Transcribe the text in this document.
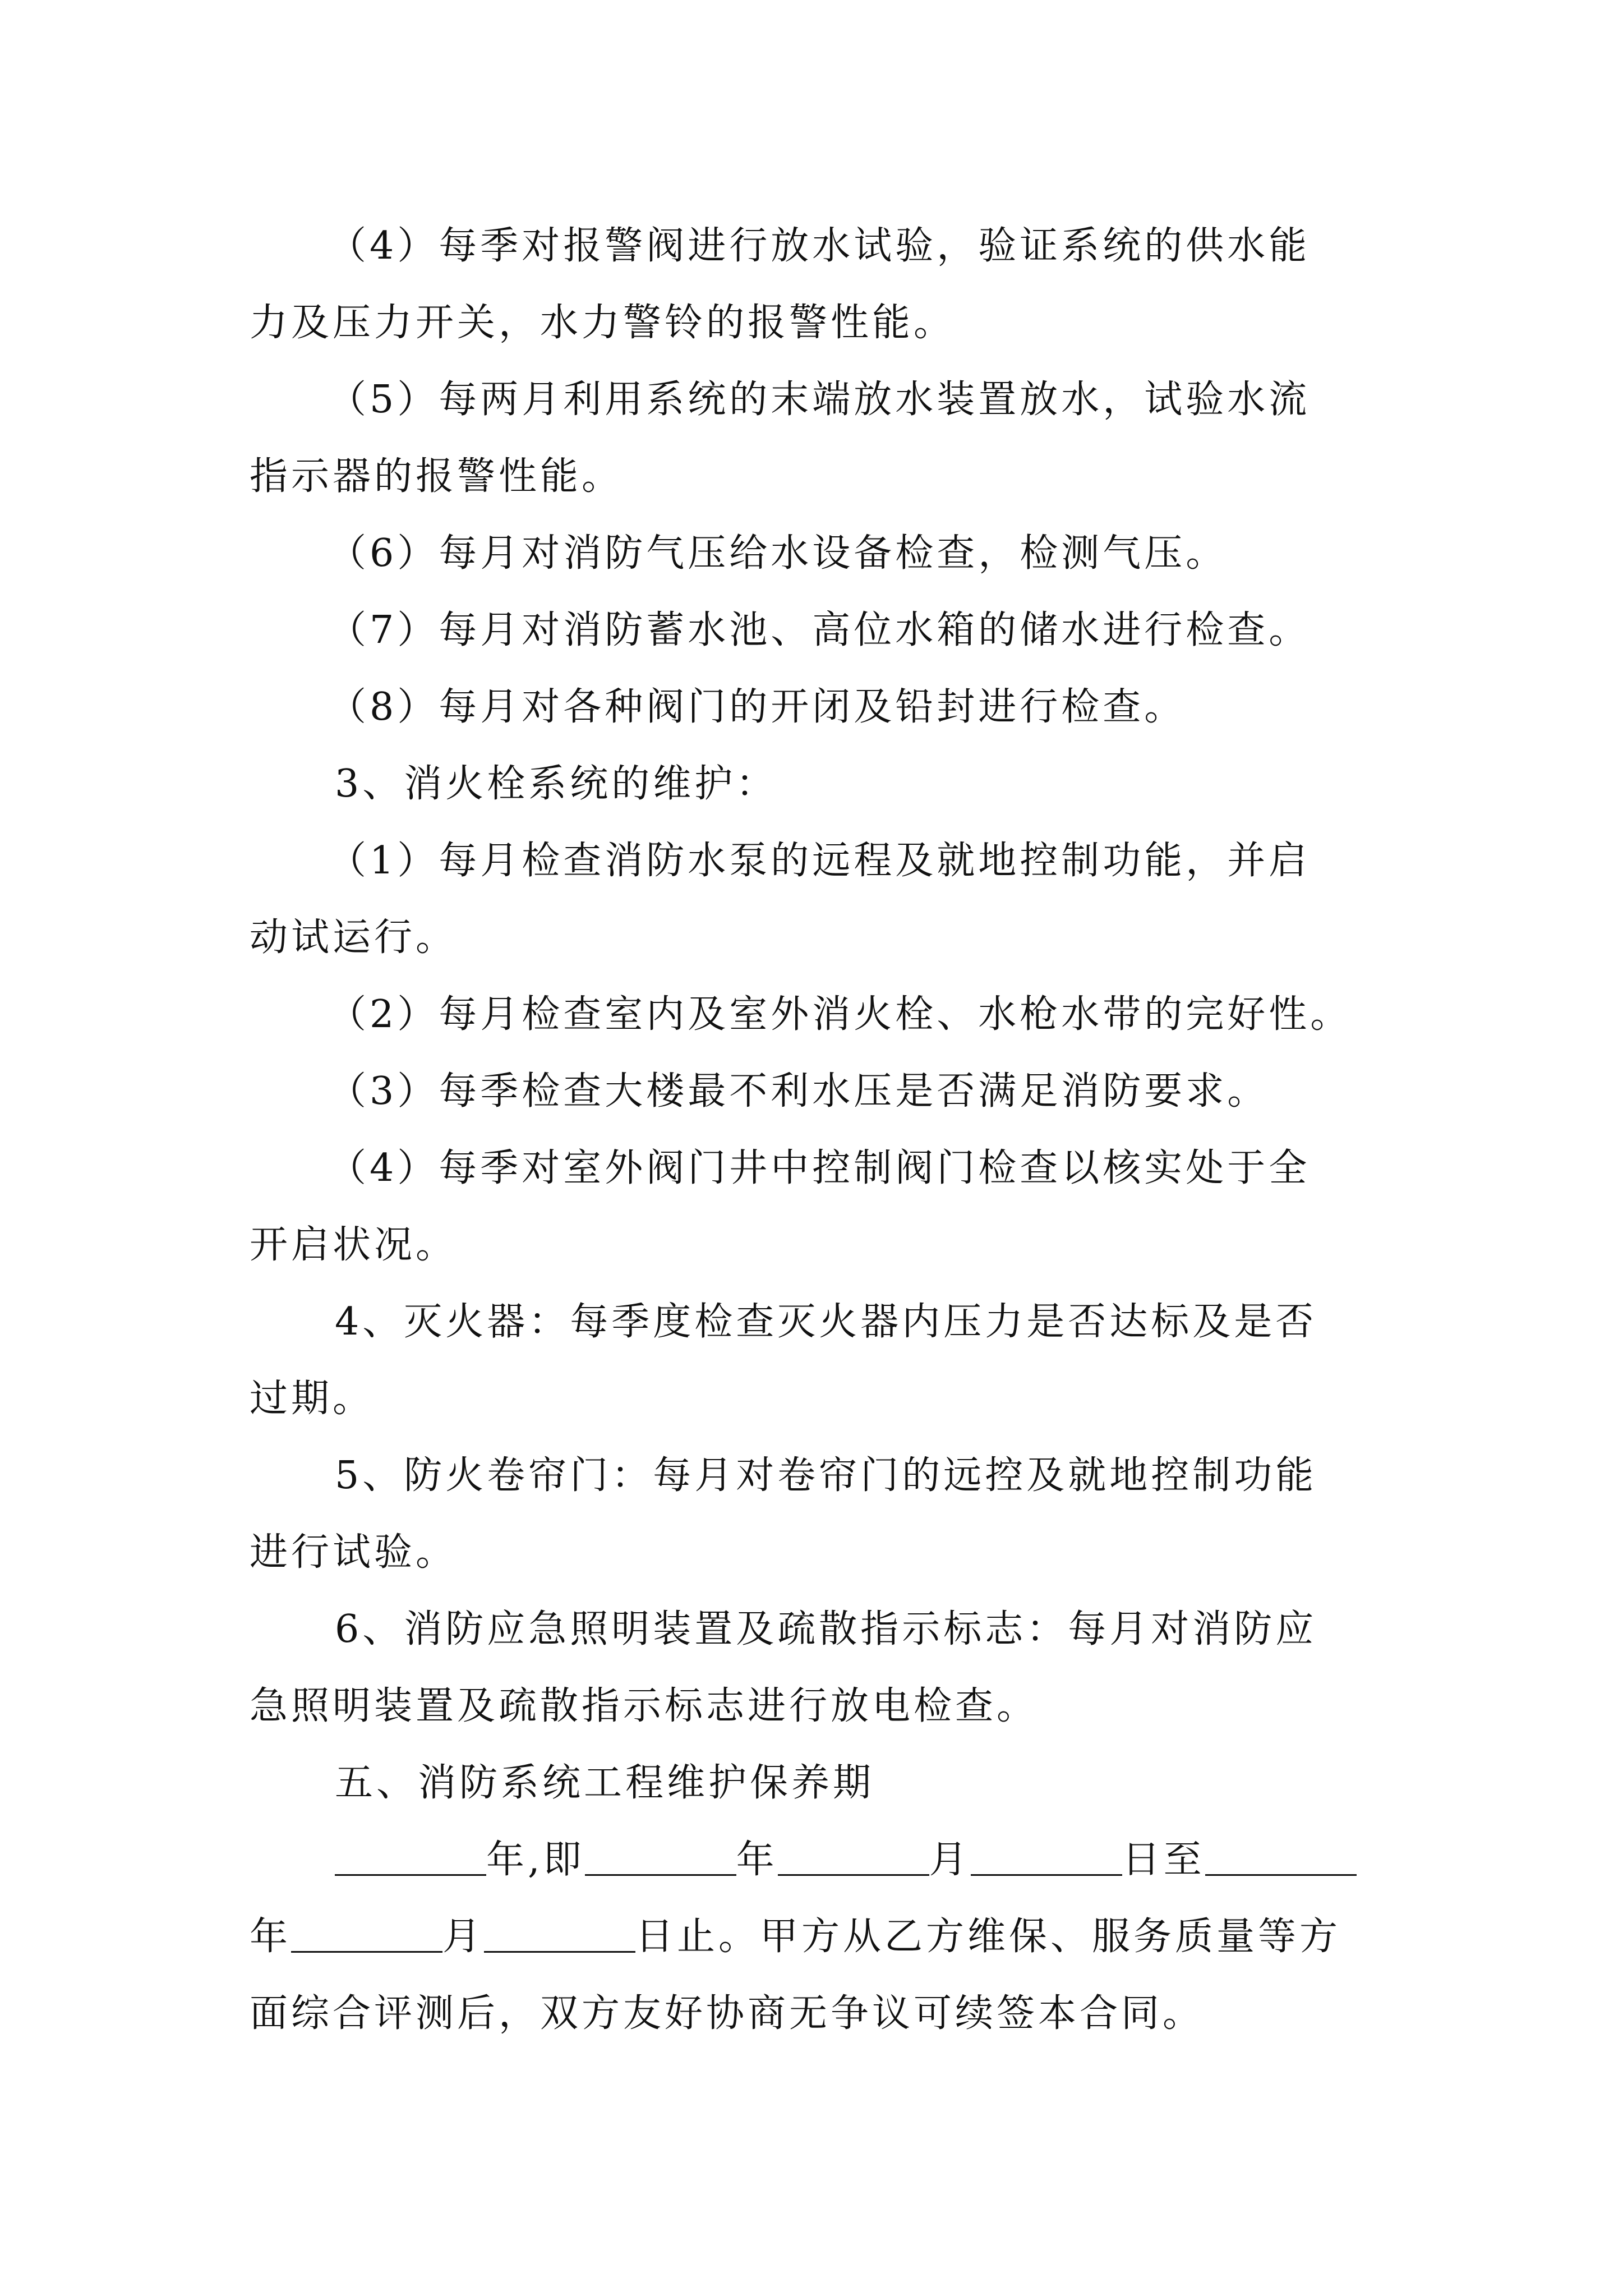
（4）每季对报警阀进行放水试验，验证系统的供水能
力及压力开关，水力警铃的报警性能。
（5）每两月利用系统的末端放水装置放水，试验水流
指示器的报警性能。
（6）每月对消防气压给水设备检查，检测气压。
（7）每月对消防蓄水池、高位水箱的储水进行检查。
（8）每月对各种阀门的开闭及铅封进行检查。
3、消火栓系统的维护：
（1）每月检查消防水泵的远程及就地控制功能，并启
动试运行。
（2）每月检查室内及室外消火栓、水枪水带的完好性。
（3）每季检查大楼最不利水压是否满足消防要求。
（4）每季对室外阀门井中控制阀门检查以核实处于全
开启状况。
4、灭火器：每季度检查灭火器内压力是否达标及是否
过期。
5、防火卷帘门：每月对卷帘门的远控及就地控制功能
进行试验。
6、消防应急照明装置及疏散指示标志：每月对消防应
急照明装置及疏散指示标志进行放电检查。
五、消防系统工程维护保养期
年,即	年	月	日至
年	月	日止。甲方从乙方维保、服务质量等方
面综合评测后，双方友好协商无争议可续签本合同。
